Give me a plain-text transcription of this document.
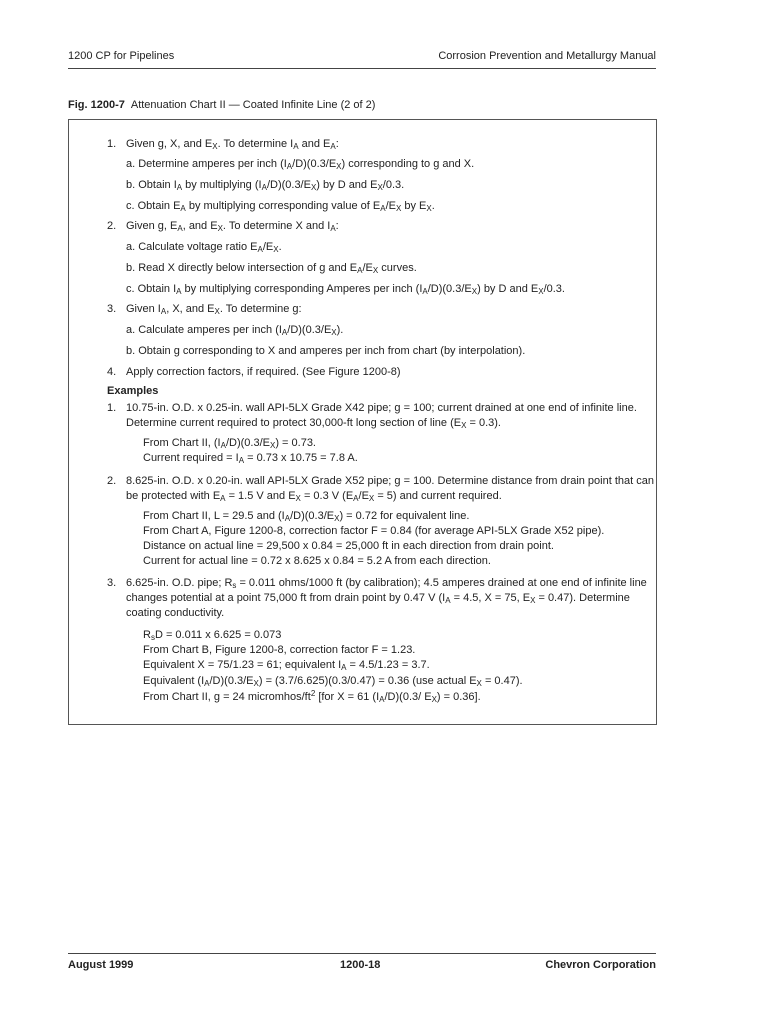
1200 CP for Pipelines	Corrosion Prevention and Metallurgy Manual
Fig. 1200-7 Attenuation Chart II — Coated Infinite Line (2 of 2)
1. Given g, X, and $E_X$. To determine $I_A$ and $E_A$:
a. Determine amperes per inch $(I_A/D)(0.3/E_X)$ corresponding to g and X.
b. Obtain $I_A$ by multiplying $(I_A/D)(0.3/E_X)$ by D and $E_X/0.3$.
c. Obtain $E_A$ by multiplying corresponding value of $E_A/E_X$ by $E_X$.
2. Given g, $E_A$, and $E_X$. To determine X and $I_A$:
a. Calculate voltage ratio $E_A/E_X$.
b. Read X directly below intersection of g and $E_A/E_X$ curves.
c. Obtain $I_A$ by multiplying corresponding Amperes per inch $(I_A/D)(0.3/E_X)$ by D and $E_X/0.3$.
3. Given $I_A$, X, and $E_X$. To determine g:
a. Calculate amperes per inch $(I_A/D)(0.3/E_X)$.
b. Obtain g corresponding to X and amperes per inch from chart (by interpolation).
4. Apply correction factors, if required. (See Figure 1200-8)
Examples
1. 10.75-in. O.D. x 0.25-in. wall API-5LX Grade X42 pipe; g = 100; current drained at one end of infinite line.
Determine current required to protect 30,000-ft long section of line $(E_X = 0.3)$.
From Chart II, $(I_A/D)(0.3/E_X) = 0.73$.
Current required = $I_A = 0.73$ x 10.75 = 7.8 A.
2. 8.625-in. O.D. x 0.20-in. wall API-5LX Grade X52 pipe; g = 100. Determine distance from drain point that can
be protected with $E_A = 1.5$ V and $E_X = 0.3$ V $(E_A/E_X = 5)$ and current required.
From Chart II, L = 29.5 and $(I_A/D)(0.3/E_X) = 0.72$ for equivalent line.
From Chart A, Figure 1200-8, correction factor F = 0.84 (for average API-5LX Grade X52 pipe).
Distance on actual line = 29,500 x 0.84 = 25,000 ft in each direction from drain point.
Current for actual line = 0.72 x 8.625 x 0.84 = 5.2 A from each direction.
3. 6.625-in. O.D. pipe; $R_s = 0.011$ ohms/1000 ft (by calibration); 4.5 amperes drained at one end of infinite line
changes potential at a point 75,000 ft from drain point by 0.47 V ($I_A = 4.5$, X = 75, $E_X = 0.47$). Determine
coating conductivity.
$R_sD = 0.011$ x 6.625 = 0.073
From Chart B, Figure 1200-8, correction factor F = 1.23.
Equivalent X = 75/1.23 = 61; equivalent $I_A = 4.5/1.23 = 3.7$.
Equivalent $(I_A/D)(0.3/E_X) = (3.7/6.625)(0.3/0.47) = 0.36$ (use actual $E_X = 0.47$).
From Chart II, g = 24 micromhos/$ft^2$ [for X = 61 $(I_A/D)(0.3/$ $E_X) = 0.36$].
August 1999	1200-18	Chevron Corporation
